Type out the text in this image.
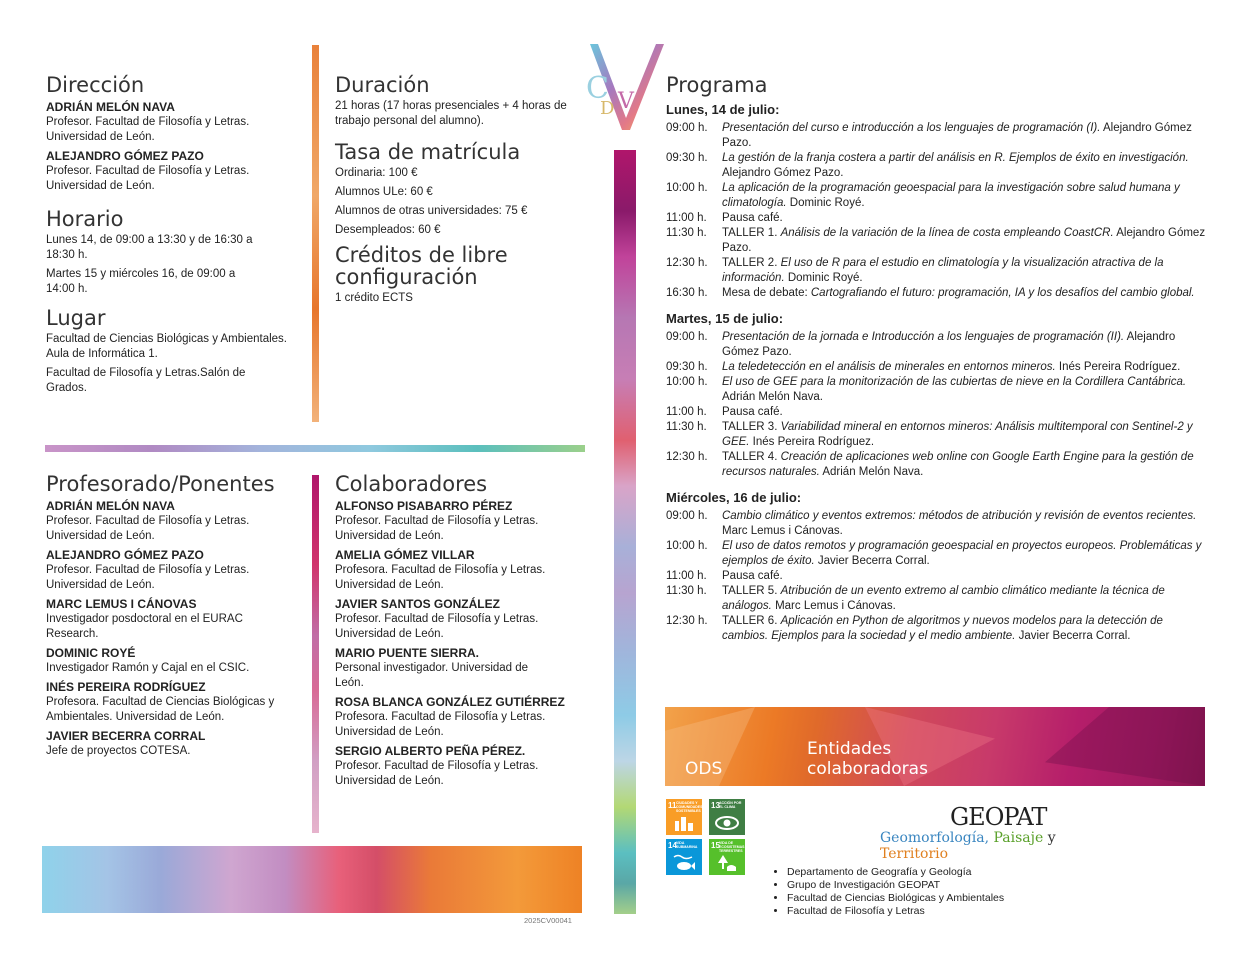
C
D V
Dirección
ADRIÁN MELÓN NAVA
Profesor. Facultad de Filosofía y Letras. Universidad de León.
ALEJANDRO GÓMEZ PAZO
Profesor. Facultad de Filosofía y Letras. Universidad de León.
Horario
Lunes 14, de 09:00 a 13:30 y de 16:30 a 18:30 h.
Martes 15 y miércoles 16, de 09:00 a 14:00 h.
Lugar
Facultad de Ciencias Biológicas y Ambientales. Aula de Informática 1.
Facultad de Filosofía y Letras.Salón de Grados.
Duración
21 horas (17 horas presenciales + 4 horas de trabajo personal del alumno).
Tasa de matrícula
Ordinaria: 100 €
Alumnos ULe: 60 €
Alumnos de otras universidades: 75 €
Desempleados: 60 €
Créditos de libre configuración
1 crédito ECTS
Profesorado/Ponentes
ADRIÁN MELÓN NAVA
Profesor. Facultad de Filosofía y Letras. Universidad de León.
ALEJANDRO GÓMEZ PAZO
Profesor. Facultad de Filosofía y Letras. Universidad de León.
MARC LEMUS I CÁNOVAS
Investigador posdoctoral en el EURAC Research.
DOMINIC ROYÉ
Investigador Ramón y Cajal en el CSIC.
INÉS PEREIRA RODRÍGUEZ
Profesora. Facultad de Ciencias Biológicas y Ambientales. Universidad de León.
JAVIER BECERRA CORRAL
Jefe de proyectos COTESA.
Colaboradores
ALFONSO PISABARRO PÉREZ
Profesor. Facultad de Filosofía y Letras. Universidad de León.
AMELIA GÓMEZ VILLAR
Profesora. Facultad de Filosofía y Letras. Universidad de León.
JAVIER SANTOS GONZÁLEZ
Profesor. Facultad de Filosofía y Letras. Universidad de León.
MARIO PUENTE SIERRA.
Personal investigador. Universidad de León.
ROSA BLANCA GONZÁLEZ GUTIÉRREZ
Profesora. Facultad de Filosofía y Letras. Universidad de León.
SERGIO ALBERTO PEÑA PÉREZ.
Profesor. Facultad de Filosofía y Letras. Universidad de León.
Programa
Lunes, 14 de julio:
09:00 h.	Presentación del curso e introducción a los lenguajes de programación (I). Alejandro Gómez Pazo.
09:30 h.	La gestión de la franja costera a partir del análisis en R. Ejemplos de éxito en investigación. Alejandro Gómez Pazo.
10:00 h.	La aplicación de la programación geoespacial para la investigación sobre salud humana y climatología. Dominic Royé.
11:00 h.	Pausa café.
11:30 h.	TALLER 1. Análisis de la variación de la línea de costa empleando CoastCR. Alejandro Gómez Pazo.
12:30 h.	TALLER 2. El uso de R para el estudio en climatología y la visualización atractiva de la información. Dominic Royé.
16:30 h.	Mesa de debate: Cartografiando el futuro: programación, IA y los desafíos del cambio global.
Martes, 15 de julio:
09:00 h.	Presentación de la jornada e Introducción a los lenguajes de programación (II). Alejandro Gómez Pazo.
09:30 h.	La teledetección en el análisis de minerales en entornos mineros. Inés Pereira Rodríguez.
10:00 h.	El uso de GEE para la monitorización de las cubiertas de nieve en la Cordillera Cantábrica. Adrián Melón Nava.
11:00 h.	Pausa café.
11:30 h.	TALLER 3. Variabilidad mineral en entornos mineros: Análisis multitemporal con Sentinel-2 y GEE. Inés Pereira Rodríguez.
12:30 h.	TALLER 4. Creación de aplicaciones web online con Google Earth Engine para la gestión de recursos naturales. Adrián Melón Nava.
Miércoles, 16 de julio:
09:00 h.	Cambio climático y eventos extremos: métodos de atribución y revisión de eventos recientes. Marc Lemus i Cánovas.
10:00 h.	El uso de datos remotos y programación geoespacial en proyectos europeos. Problemáticas y ejemplos de éxito. Javier Becerra Corral.
11:00 h.	Pausa café.
11:30 h.	TALLER 5. Atribución de un evento extremo al cambio climático mediante la técnica de análogos. Marc Lemus i Cánovas.
12:30 h.	TALLER 6. Aplicación en Python de algoritmos y nuevos modelos para la detección de cambios. Ejemplos para la sociedad y el medio ambiente. Javier Becerra Corral.
ODS
Entidades colaboradoras
11 CIUDADES Y COMUNIDADES SOSTENIBLES
13 ACCIÓN POR EL CLIMA
14 VIDA SUBMARINA	15 VIDA DE ECOSISTEMAS TERRESTRES
GEOPAT
Geomorfología, Paisaje y Territorio
• Departamento de Geografía y Geología
• Grupo de Investigación GEOPAT
• Facultad de Ciencias Biológicas y Ambientales
• Facultad de Filosofía y Letras
2025CV00041
